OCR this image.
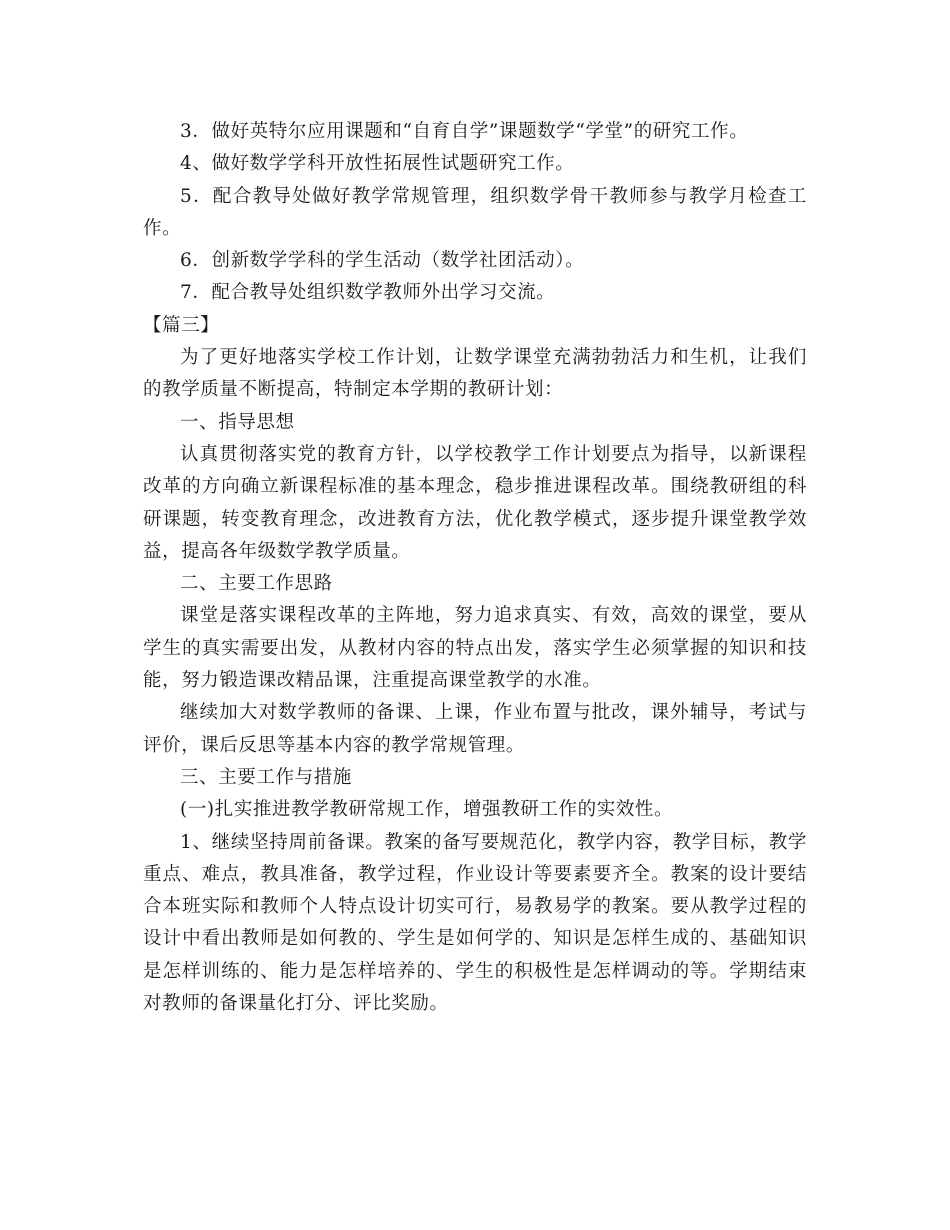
3．做好英特尔应用课题和“自育自学”课题数学“学堂”的研究工作。

4、做好数学学科开放性拓展性试题研究工作。

5．配合教导处做好教学常规管理，组织数学骨干教师参与教学月检查工作。

6．创新数学学科的学生活动（数学社团活动）。

7．配合教导处组织数学教师外出学习交流。

【篇三】

为了更好地落实学校工作计划，让数学课堂充满勃勃活力和生机，让我们的教学质量不断提高，特制定本学期的教研计划：

一、指导思想

认真贯彻落实党的教育方针，以学校教学工作计划要点为指导，以新课程改革的方向确立新课程标准的基本理念，稳步推进课程改革。围绕教研组的科研课题，转变教育理念，改进教育方法，优化教学模式，逐步提升课堂教学效益，提高各年级数学教学质量。

二、主要工作思路

课堂是落实课程改革的主阵地，努力追求真实、有效，高效的课堂，要从学生的真实需要出发，从教材内容的特点出发，落实学生必须掌握的知识和技能，努力锻造课改精品课，注重提高课堂教学的水准。

继续加大对数学教师的备课、上课，作业布置与批改，课外辅导，考试与评价，课后反思等基本内容的教学常规管理。

三、主要工作与措施

(一)扎实推进教学教研常规工作，增强教研工作的实效性。

1、继续坚持周前备课。教案的备写要规范化，教学内容，教学目标，教学重点、难点，教具准备，教学过程，作业设计等要素要齐全。教案的设计要结合本班实际和教师个人特点设计切实可行，易教易学的教案。要从教学过程的设计中看出教师是如何教的、学生是如何学的、知识是怎样生成的、基础知识是怎样训练的、能力是怎样培养的、学生的积极性是怎样调动的等。学期结束对教师的备课量化打分、评比奖励。
